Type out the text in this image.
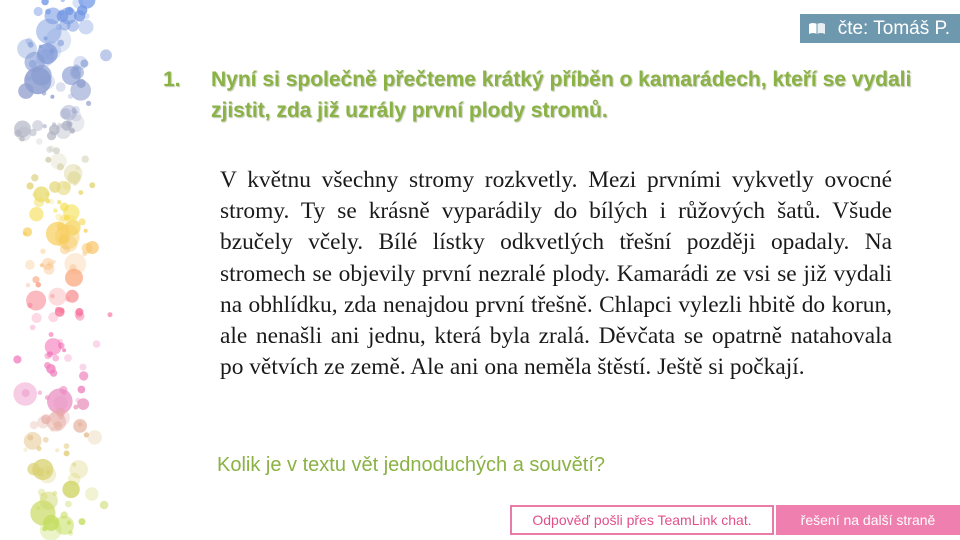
čte: Tomáš P.
1. Nyní si společně přečteme krátký příběn o kamarádech, kteří se vydali zjistit, zda již uzrály první plody stromů.
V květnu všechny stromy rozkvetly. Mezi prvními vykvetly ovocné stromy. Ty se krásně vyparádily do bílých i růžových šatů. Všude bzučely včely. Bílé lístky odkvetlých třešní později opadaly. Na stromech se objevily první nezralé plody. Kamarádi ze vsi se již vydali na obhlídku, zda nenajdou první třešně. Chlapci vylezli hbitě do korun, ale nenašli ani jednu, která byla zralá. Děvčata se opatrně natahovala po větvích ze země. Ale ani ona neměla štěstí. Ještě si počkají.
Kolik je v textu vět jednoduchých a souvětí?
Odpověď pošli přes TeamLink chat.	řešení na další straně
